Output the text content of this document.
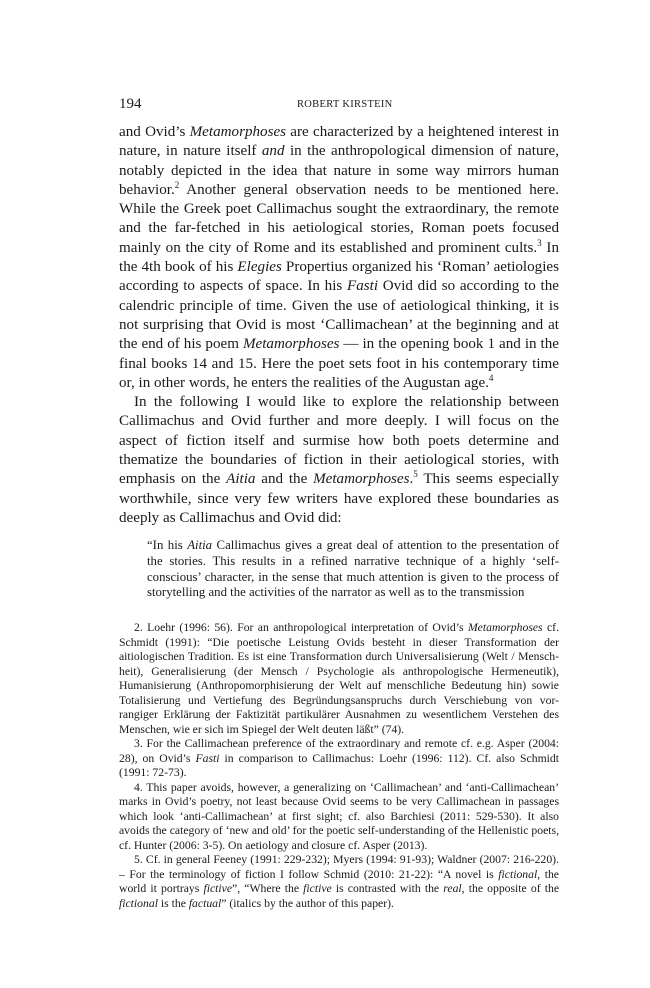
194	ROBERT KIRSTEIN

and Ovid’s Metamorphoses are characterized by a heightened interest in nature, in nature itself and in the anthropological dimension of nature, notably depicted in the idea that nature in some way mirrors human behavior.$^2$ Another general observation needs to be mentioned here. While the Greek poet Callimachus sought the extraordinary, the remote and the far-fetched in his aetiological stories, Roman poets focused mainly on the city of Rome and its established and prominent cults.$^3$ In the 4th book of his Elegies Propertius organized his ‘Roman’ aetiologies according to aspects of space. In his Fasti Ovid did so according to the calendric principle of time. Given the use of aetiological thinking, it is not surprising that Ovid is most ‘Callimachean’ at the beginning and at the end of his poem Metamorphoses — in the opening book 1 and in the final books 14 and 15. Here the poet sets foot in his contemporary time or, in other words, he enters the realities of the Augustan age.$^4$

In the following I would like to explore the relationship between Callimachus and Ovid further and more deeply. I will focus on the aspect of fiction itself and surmise how both poets determine and thematize the boundaries of fiction in their aetiological stories, with emphasis on the Aitia and the Metamorphoses.$^5$ This seems especially worthwhile, since very few writers have explored these boundaries as deeply as Callimachus and Ovid did:

“In his Aitia Callimachus gives a great deal of attention to the presentation of the stories. This results in a refined narrative technique of a highly ‘self-conscious’ character, in the sense that much attention is given to the process of storytelling and the activities of the narrator as well as to the transmission

2. Loehr (1996: 56). For an anthropological interpretation of Ovid’s Metamorphoses cf. Schmidt (1991): “Die poetische Leistung Ovids besteht in dieser Transformation der aitiologischen Tradition. Es ist eine Transformation durch Universalisierung (Welt / Mensch-heit), Generalisierung (der Mensch / Psychologie als anthropologische Hermeneutik), Humanisierung (Anthropomorphisierung der Welt auf menschliche Bedeutung hin) sowie Totalisierung und Vertiefung des Begründungsanspruchs durch Verschiebung von vor-rangiger Erklärung der Faktizität partikulärer Ausnahmen zu wesentlichem Verstehen des Menschen, wie er sich im Spiegel der Welt deuten läßt” (74).

3. For the Callimachean preference of the extraordinary and remote cf. e.g. Asper (2004: 28), on Ovid’s Fasti in comparison to Callimachus: Loehr (1996: 112). Cf. also Schmidt (1991: 72-73).

4. This paper avoids, however, a generalizing on ‘Callimachean’ and ‘anti-Callimachean’ marks in Ovid’s poetry, not least because Ovid seems to be very Callimachean in passages which look ‘anti-Callimachean’ at first sight; cf. also Barchiesi (2011: 529-530). It also avoids the category of ‘new and old’ for the poetic self-understanding of the Hellenistic poets, cf. Hunter (2006: 3-5). On aetiology and closure cf. Asper (2013).

5. Cf. in general Feeney (1991: 229-232); Myers (1994: 91-93); Waldner (2007: 216-220). – For the terminology of fiction I follow Schmid (2010: 21-22): “A novel is fictional, the world it portrays fictive”, “Where the fictive is contrasted with the real, the opposite of the fictional is the factual” (italics by the author of this paper).
